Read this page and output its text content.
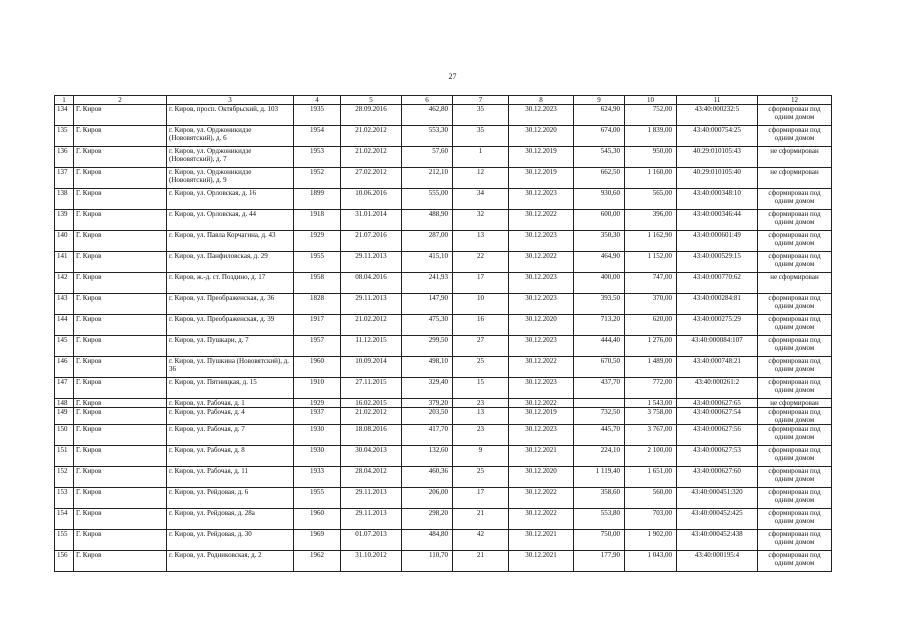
27
1	2	3	4	5	6	7	8	9	10	11	12
134	Г. Киров	г. Киров, просп. Октябрьский, д. 103	1935	28.09.2016	462,80	35	30.12.2023	624,90	752,00	43:40:000232:5	сформирован под одним домом
135	Г. Киров	г. Киров, ул. Орджоникидзе (Нововятский), д. 6	1954	21.02.2012	553,30	35	30.12.2020	674,00	1 839,00	43:40:000754:25	сформирован под одним домом
136	Г. Киров	г. Киров, ул. Орджоникидзе (Нововятский), д. 7	1953	21.02.2012	57,60	1	30.12.2019	545,30	950,00	40:29:010105:43	не сформирован
137	Г. Киров	г. Киров, ул. Орджоникидзе (Нововятский), д. 9	1952	27.02.2012	212,10	12	30.12.2019	662,50	1 160,00	40:29:010105:40	не сформирован
138	Г. Киров	г. Киров, ул. Орловская, д. 16	1899	10.06.2016	555,00	34	30.12.2023	930,60	565,00	43:40:000348:10	сформирован под одним домом
139	Г. Киров	г. Киров, ул. Орловская, д. 44	1918	31.01.2014	488,90	32	30.12.2022	600,00	396,00	43:40:000346:44	сформирован под одним домом
140	Г. Киров	г. Киров, ул. Павла Корчагина, д. 43	1929	21.07.2016	287,00	13	30.12.2023	350,30	1 162,90	43:40:000601:49	сформирован под одним домом
141	Г. Киров	г. Киров, ул. Панфиловская, д. 29	1955	29.11.2013	415,10	22	30.12.2022	464,90	1 152,00	43:40:000529:15	сформирован под одним домом
142	Г. Киров	г. Киров, ж.-д. ст. Поздино, д. 17	1958	08.04.2016	241,93	17	30.12.2023	400,00	747,00	43:40:000770:62	не сформирован
143	Г. Киров	г. Киров, ул. Преображенская, д. 36	1828	29.11.2013	147,90	10	30.12.2023	393,50	370,00	43:40:000284:81	сформирован под одним домом
144	Г. Киров	г. Киров, ул. Преображенская, д. 39	1917	21.02.2012	475,30	16	30.12.2020	713,20	620,00	43:40:000275:29	сформирован под одним домом
145	Г. Киров	г. Киров, ул. Пушкари, д. 7	1957	11.12.2015	299,50	27	30.12.2023	444,40	1 276,00	43:40:000084:107	сформирован под одним домом
146	Г. Киров	г. Киров, ул. Пушкина (Нововятский), д. 36	1960	10.09.2014	498,10	25	30.12.2022	670,50	1 489,00	43:40:000748:21	сформирован под одним домом
147	Г. Киров	г. Киров, ул. Пятницкая, д. 15	1910	27.11.2015	329,40	15	30.12.2023	437,70	772,00	43:40:000261:2	сформирован под одним домом
148	Г. Киров	г. Киров, ул. Рабочая, д. 1	1929	16.02.2015	379,20	23	30.12.2022		1 543,00	43:40:000627:65	не сформирован
149	Г. Киров	г. Киров, ул. Рабочая, д. 4	1937	21.02.2012	203,50	13	30.12.2019	732,50	3 758,00	43:40:000627:54	сформирован под одним домом
150	Г. Киров	г. Киров, ул. Рабочая, д. 7	1930	18.08.2016	417,70	23	30.12.2023	445,70	3 767,00	43:40:000627:56	сформирован под одним домом
151	Г. Киров	г. Киров, ул. Рабочая, д. 8	1930	30.04.2013	132,60	9	30.12.2021	224,10	2 100,00	43:40:000627:53	сформирован под одним домом
152	Г. Киров	г. Киров, ул. Рабочая, д. 11	1933	28.04.2012	460,36	25	30.12.2020	1 119,40	1 651,00	43:40:000627:60	сформирован под одним домом
153	Г. Киров	г. Киров, ул. Рейдовая, д. 6	1955	29.11.2013	206,00	17	30.12.2022	358,60	560,00	43:40:000451:320	сформирован под одним домом
154	Г. Киров	г. Киров, ул. Рейдовая, д. 28а	1960	29.11.2013	298,20	21	30.12.2022	553,80	703,00	43:40:000452:425	сформирован под одним домом
155	Г. Киров	г. Киров, ул. Рейдовая, д. 30	1969	01.07.2013	484,80	42	30.12.2021	750,00	1 902,00	43:40:000452:438	сформирован под одним домом
156	Г. Киров	г. Киров, ул. Родниковская, д. 2	1962	31.10.2012	110,70	21	30.12.2021	177,90	1 043,00	43:40:000195:4	сформирован под одним домом
